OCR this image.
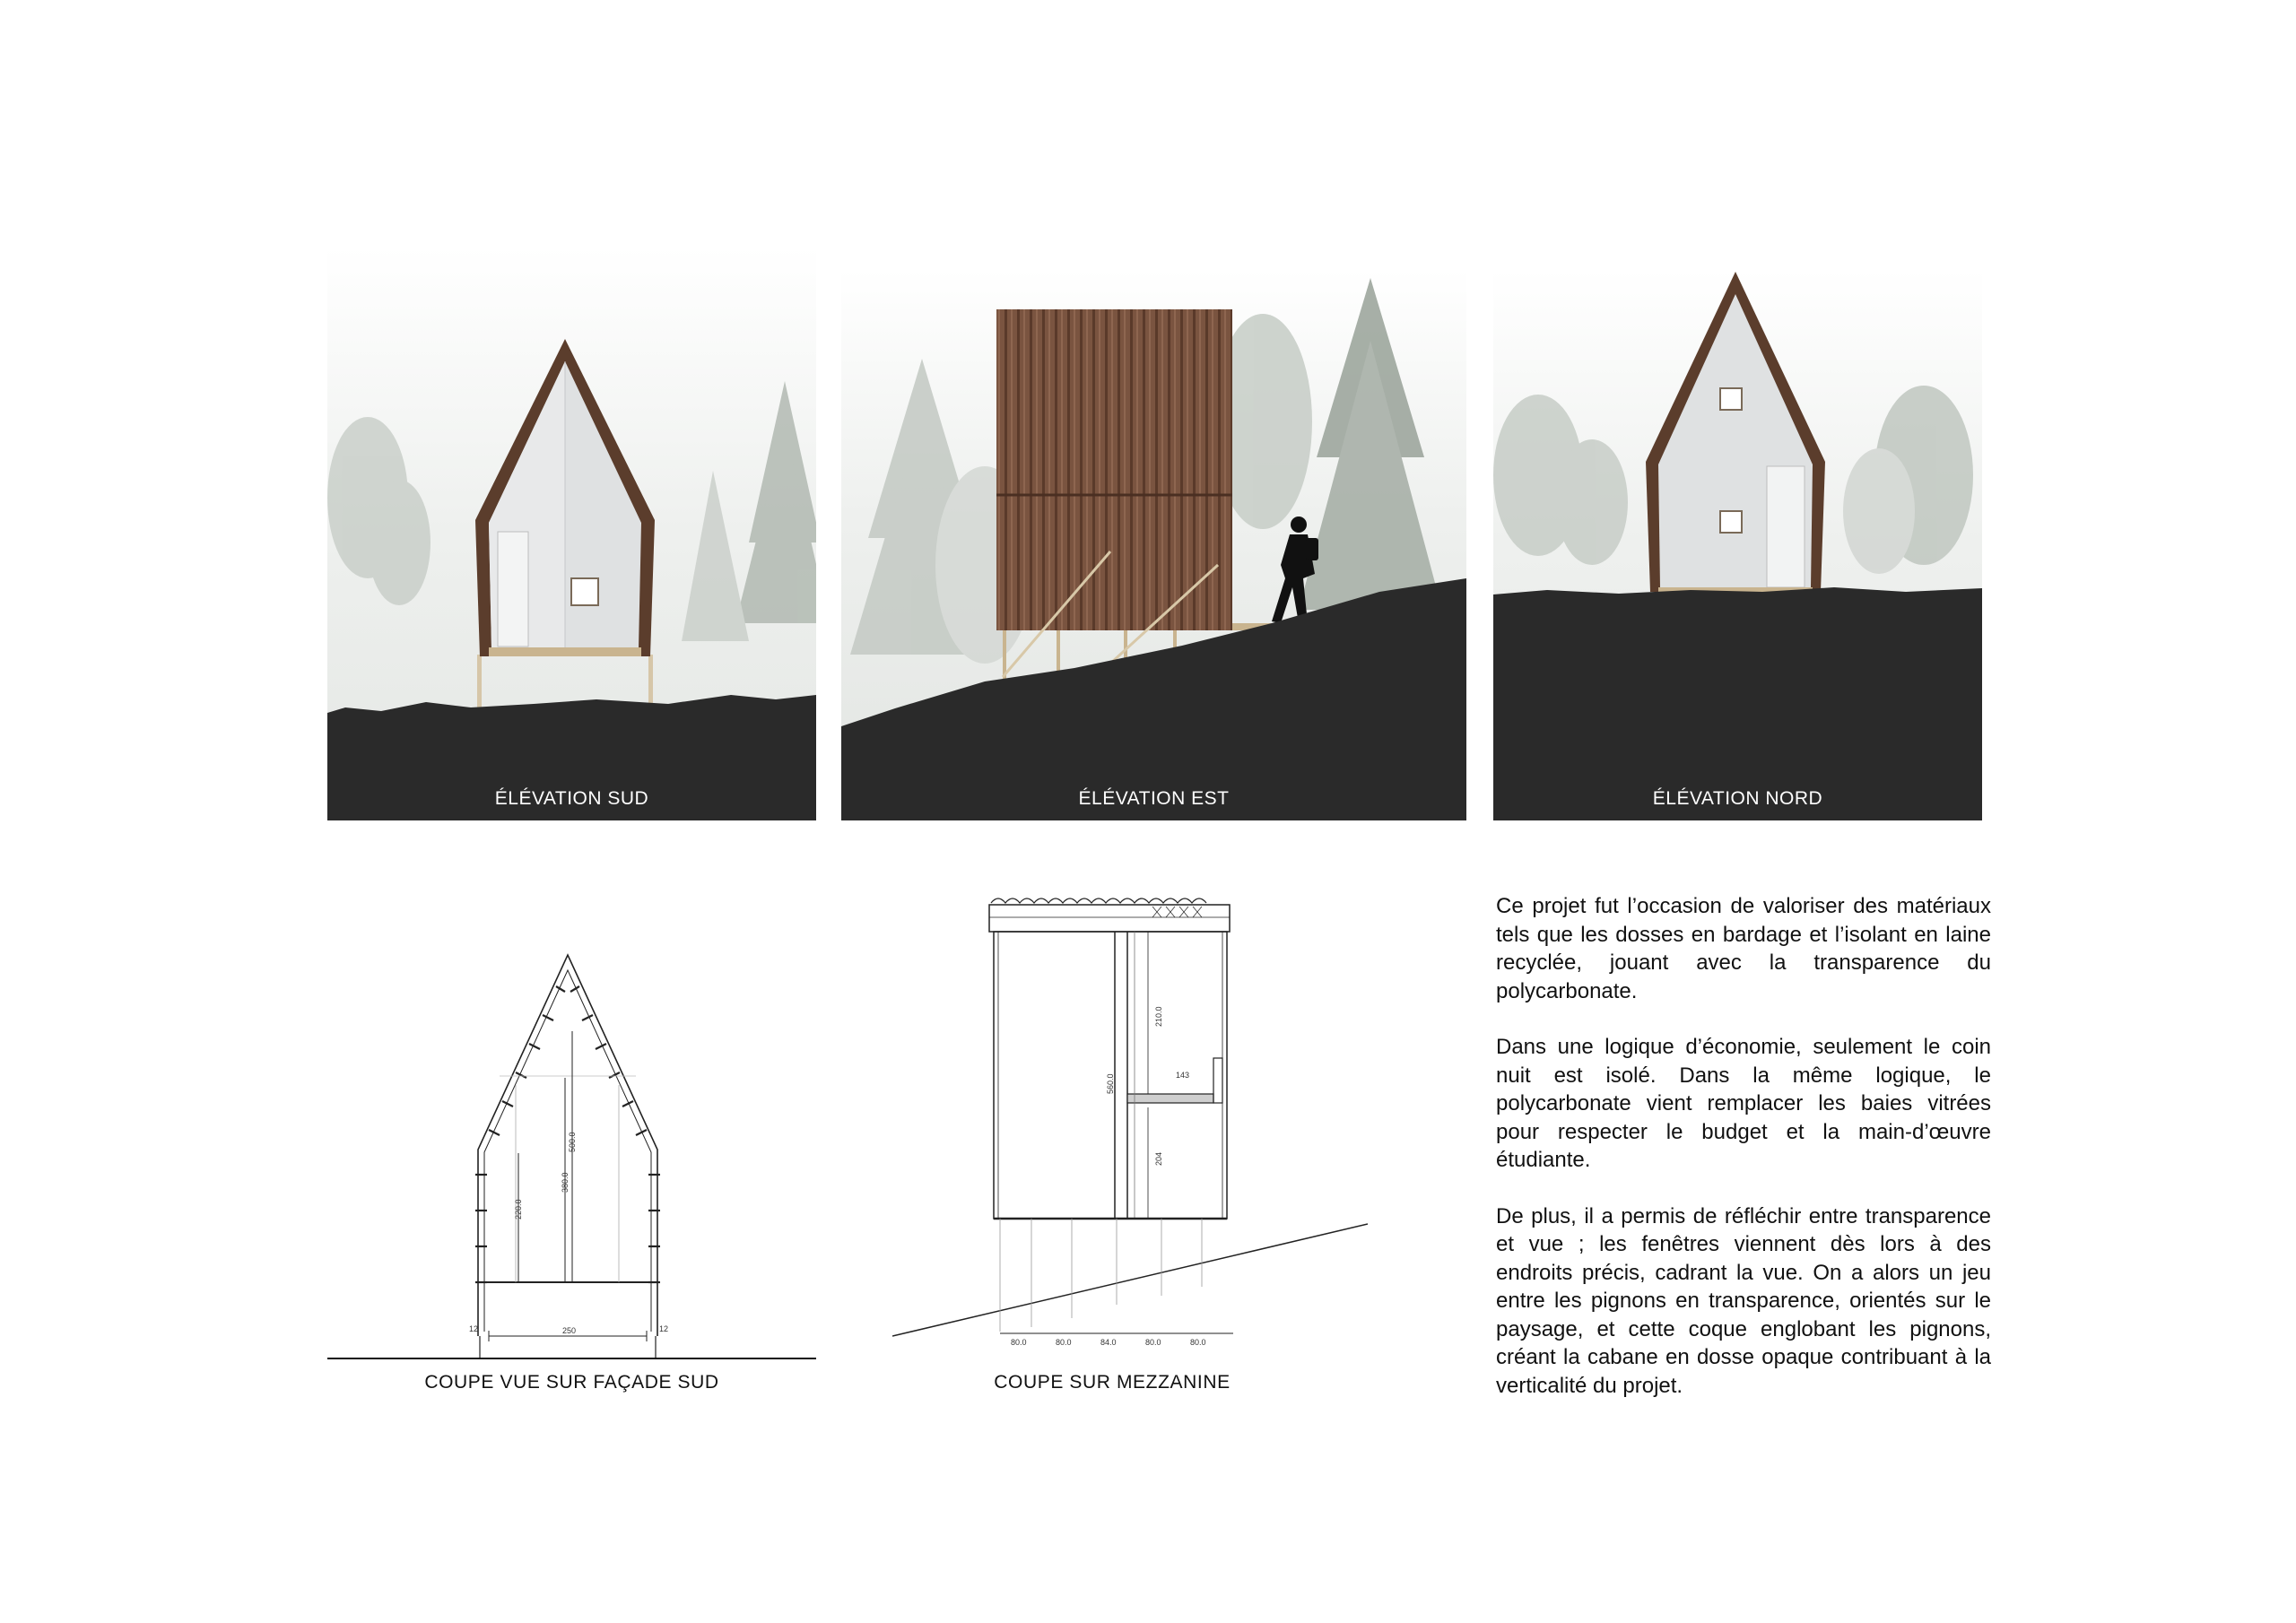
ÉLÉVATION SUD	ÉLÉVATION EST	ÉLÉVATION NORD
220.0
380.0
500.0
250
12	12
COUPE VUE SUR FAÇADE SUD
560.0
210.0
204
143
80.0	80.0	84.0	80.0	80.0
COUPE SUR MEZZANINE

Ce projet fut l’occasion de valoriser des matériaux tels que les dosses en bardage et l’isolant en laine recyclée, jouant avec la transparence du polycarbonate.

Dans une logique d’économie, seulement le coin nuit est isolé. Dans la même logique, le polycarbonate vient remplacer les baies vitrées pour respecter le budget et la main-d’œuvre étudiante.

De plus, il a permis de réfléchir entre transparence et vue ; les fenêtres viennent dès lors à des endroits précis, cadrant la vue. On a alors un jeu entre les pignons en transparence, orientés sur le paysage, et cette coque englobant les pignons, créant la cabane en dosse opaque contribuant à la verticalité du projet.
